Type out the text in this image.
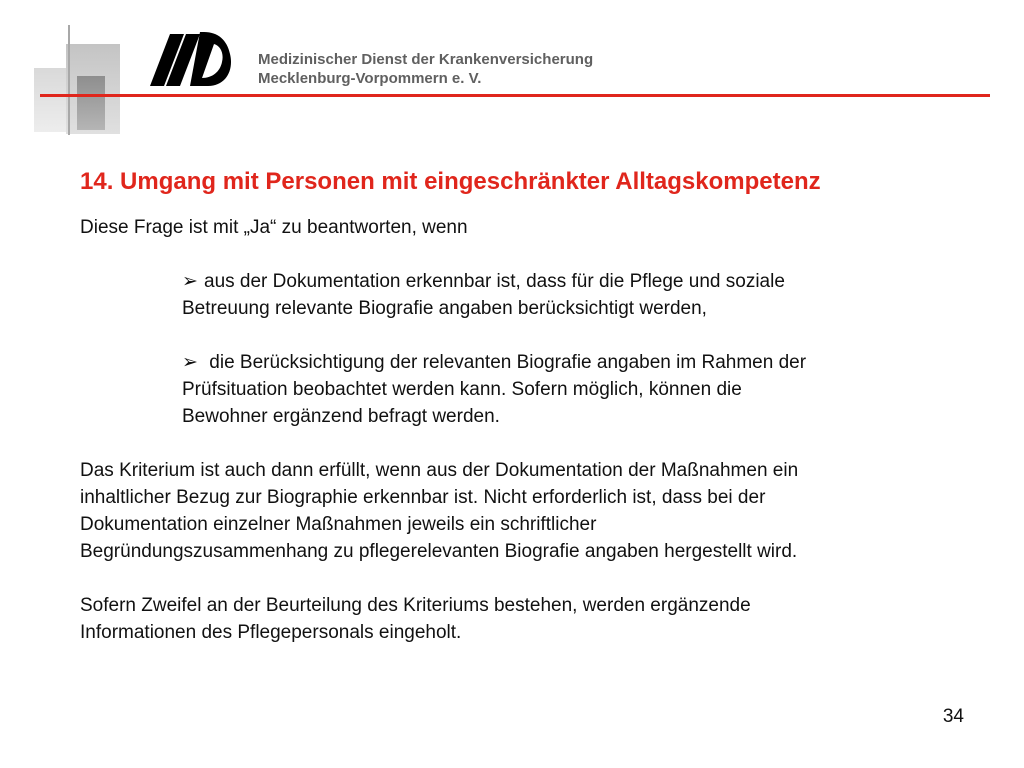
Medizinischer Dienst der Krankenversicherung
Mecklenburg-Vorpommern e. V.
14. Umgang mit Personen mit eingeschränkter Alltagskompetenz

Diese Frage ist mit „Ja“ zu beantworten, wenn

➢ aus der Dokumentation erkennbar ist, dass für die Pflege und soziale

Betreuung relevante Biografie angaben berücksichtigt werden,

➢ die Berücksichtigung der relevanten Biografie angaben im Rahmen der

Prüfsituation beobachtet werden kann. Sofern möglich, können die

Bewohner ergänzend befragt werden.

Das Kriterium ist auch dann erfüllt, wenn aus der Dokumentation der Maßnahmen ein

inhaltlicher Bezug zur Biographie erkennbar ist. Nicht erforderlich ist, dass bei der

Dokumentation einzelner Maßnahmen jeweils ein schriftlicher

Begründungszusammenhang zu pflegerelevanten Biografie angaben hergestellt wird.

Sofern Zweifel an der Beurteilung des Kriteriums bestehen, werden ergänzende

Informationen des Pflegepersonals eingeholt.

34
